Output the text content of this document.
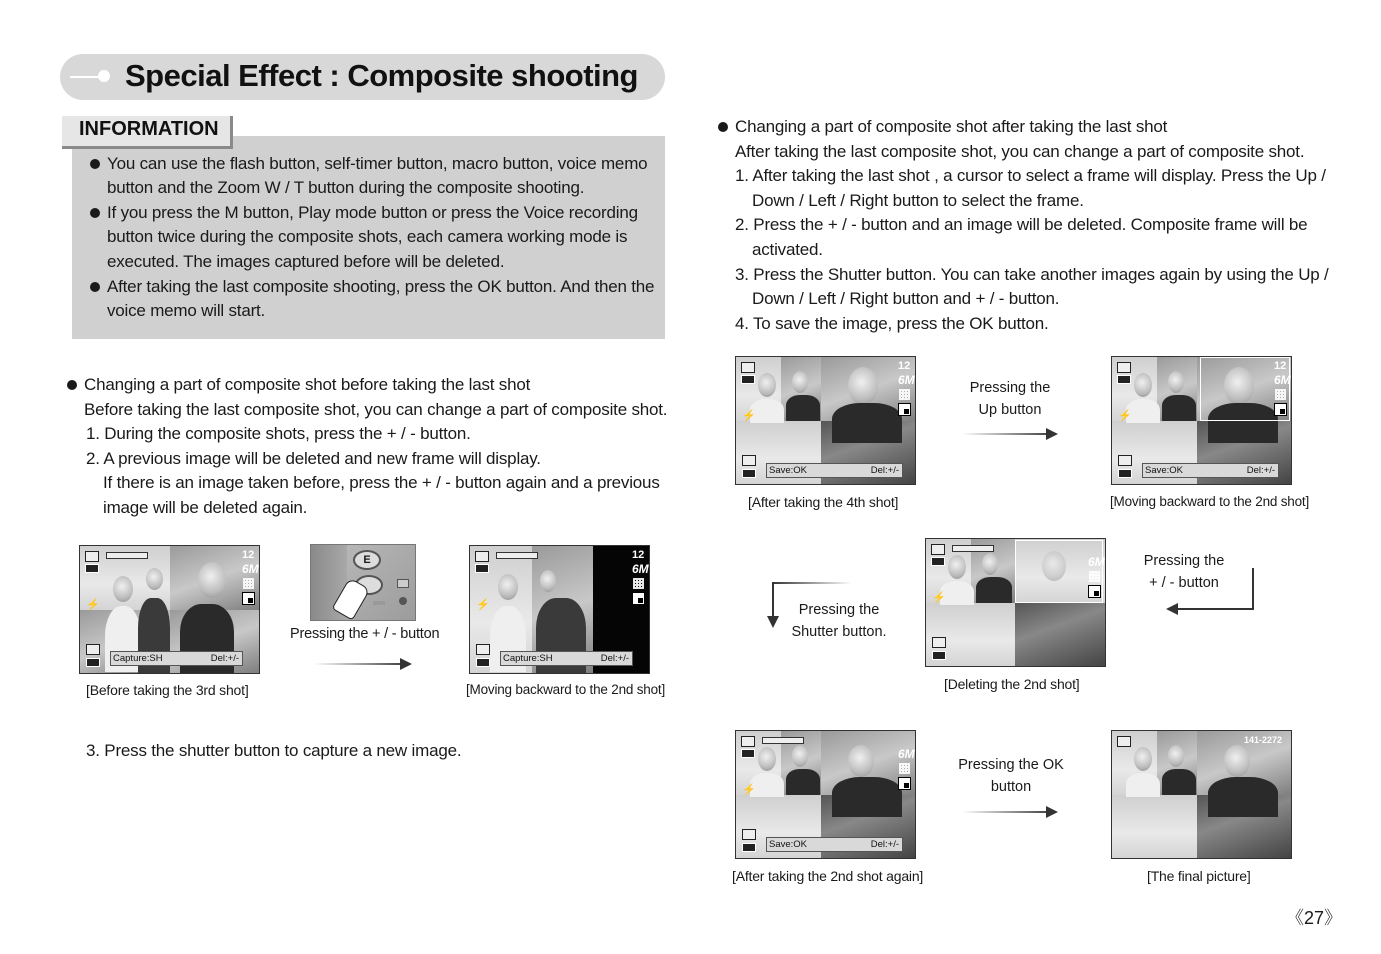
Special Effect : Composite shooting
INFORMATION
You can use the flash button, self-timer button, macro button, voice memo
button and the Zoom W / T button during the composite shooting.
If you press the M button, Play mode button or press the Voice recording
button twice during the composite shots, each camera working mode is
executed. The images captured before will be deleted.
After taking the last composite shooting, press the OK button. And then the
voice memo will start.
Changing a part of composite shot before taking the last shot
Before taking the last composite shot, you can change a part of composite shot.
1. During the composite shots, press the + / - button.
2. A previous image will be deleted and new frame will display.
If there is an image taken before, press the + / - button again and a previous
image will be deleted again.
3. Press the shutter button to capture a new image.
12
6M
⚡
Capture:SH	Del:+/-
[Before taking the 3rd shot]
E
Pressing the + / - button
12
6M
⚡
Capture:SH	Del:+/-
[Moving backward to the 2nd shot]
Changing a part of composite shot after taking the last shot
After taking the last composite shot, you can change a part of composite shot.
1. After taking the last shot , a cursor to select a frame will display. Press the Up /
Down / Left / Right button to select the frame.
2. Press the + / - button and an image will be deleted. Composite frame will be
activated.
3. Press the Shutter button. You can take another images again by using the Up /
Down / Left / Right button and + / - button.
4. To save the image, press the OK button.
12
6M
⚡
Save:OK	Del:+/-
[After taking the 4th shot]
Pressing the
Up button
12
6M
⚡
Save:OK	Del:+/-
[Moving backward to the 2nd shot]
6M
⚡
[Deleting the 2nd shot]
Pressing the
+ / - button
Pressing the
Shutter button.
6M
⚡
Save:OK	Del:+/-
[After taking the 2nd shot again]
Pressing the OK
button
141-2272
[The final picture]
《27》
